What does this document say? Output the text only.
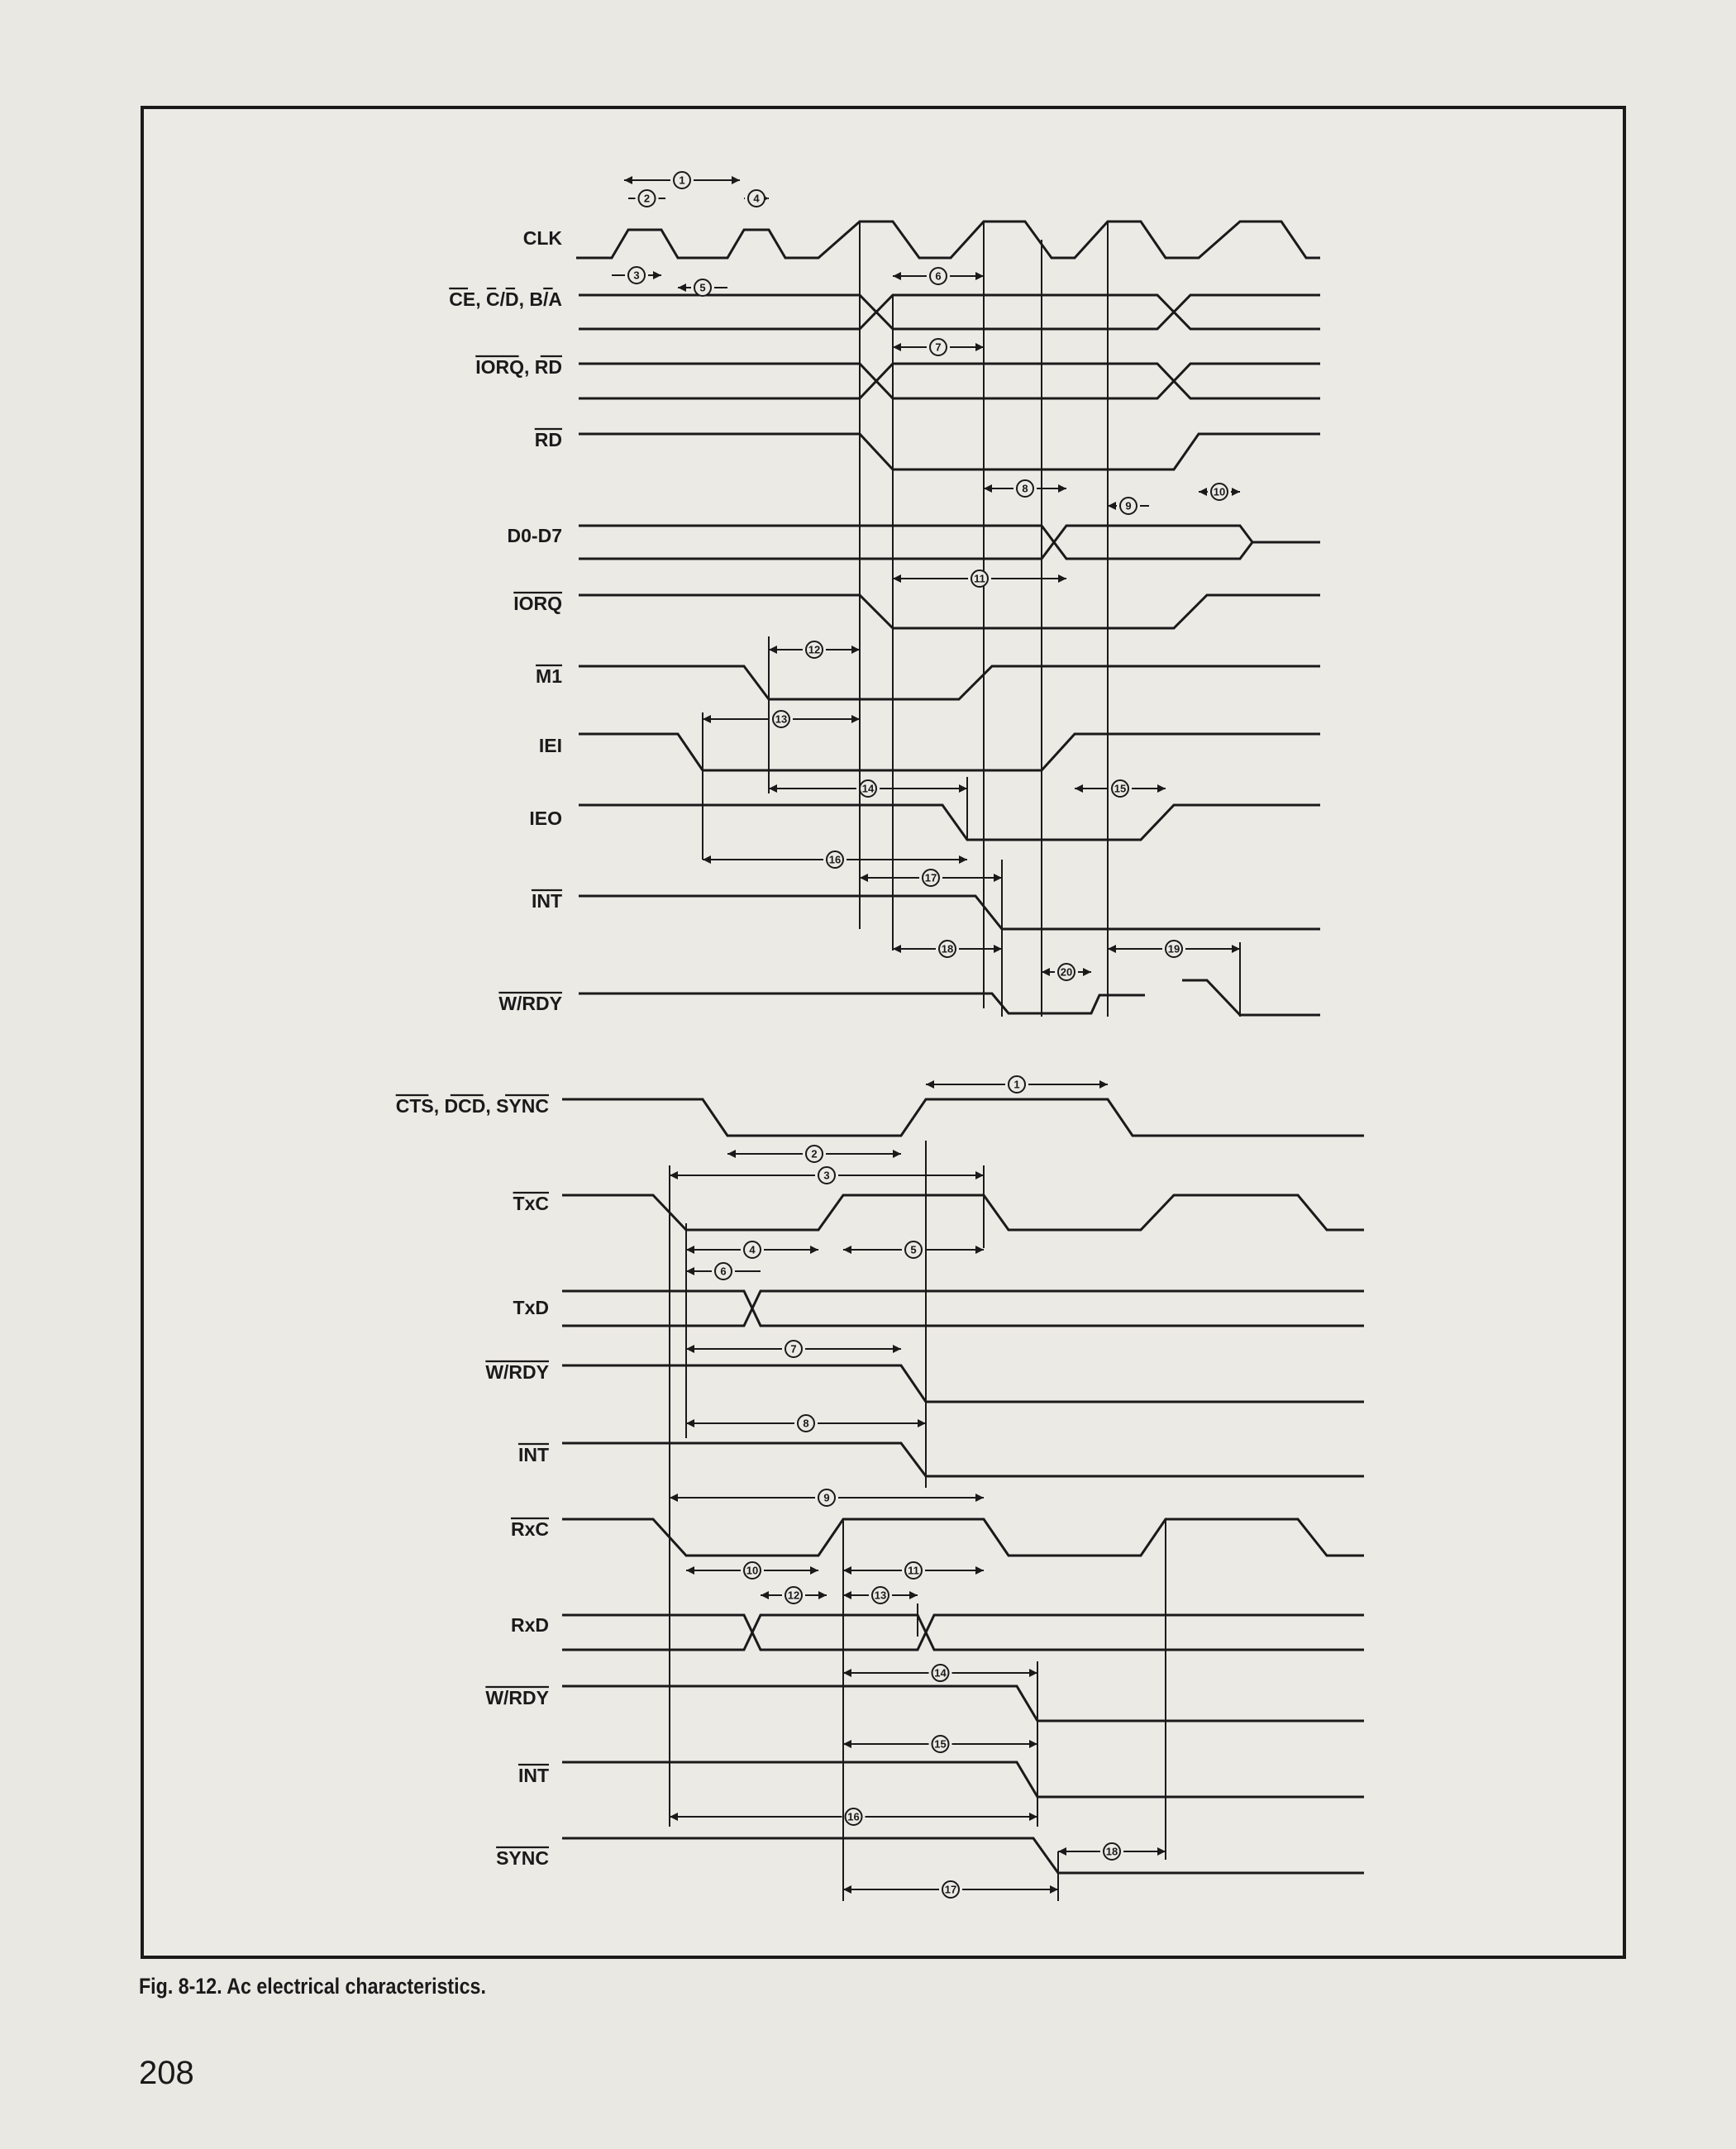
CLK
CE, C/D, B/A
IORQ, RD
RD
D0-D7
IORQ
M1
IEI
IEO
INT
W/RDY
CTS, DCD, SYNC
TxC
TxD
W/RDY
INT
RxC
RxD
W/RDY
INT
SYNC
1
2
3
4
5
6
7
8
9
10
11
12
13
14	15
16
17
18	19
20
1
2
3
4	5
6
7
8
9
10	11
12	13
14
15
16
17
18
Fig. 8-12. Ac electrical characteristics.
208
